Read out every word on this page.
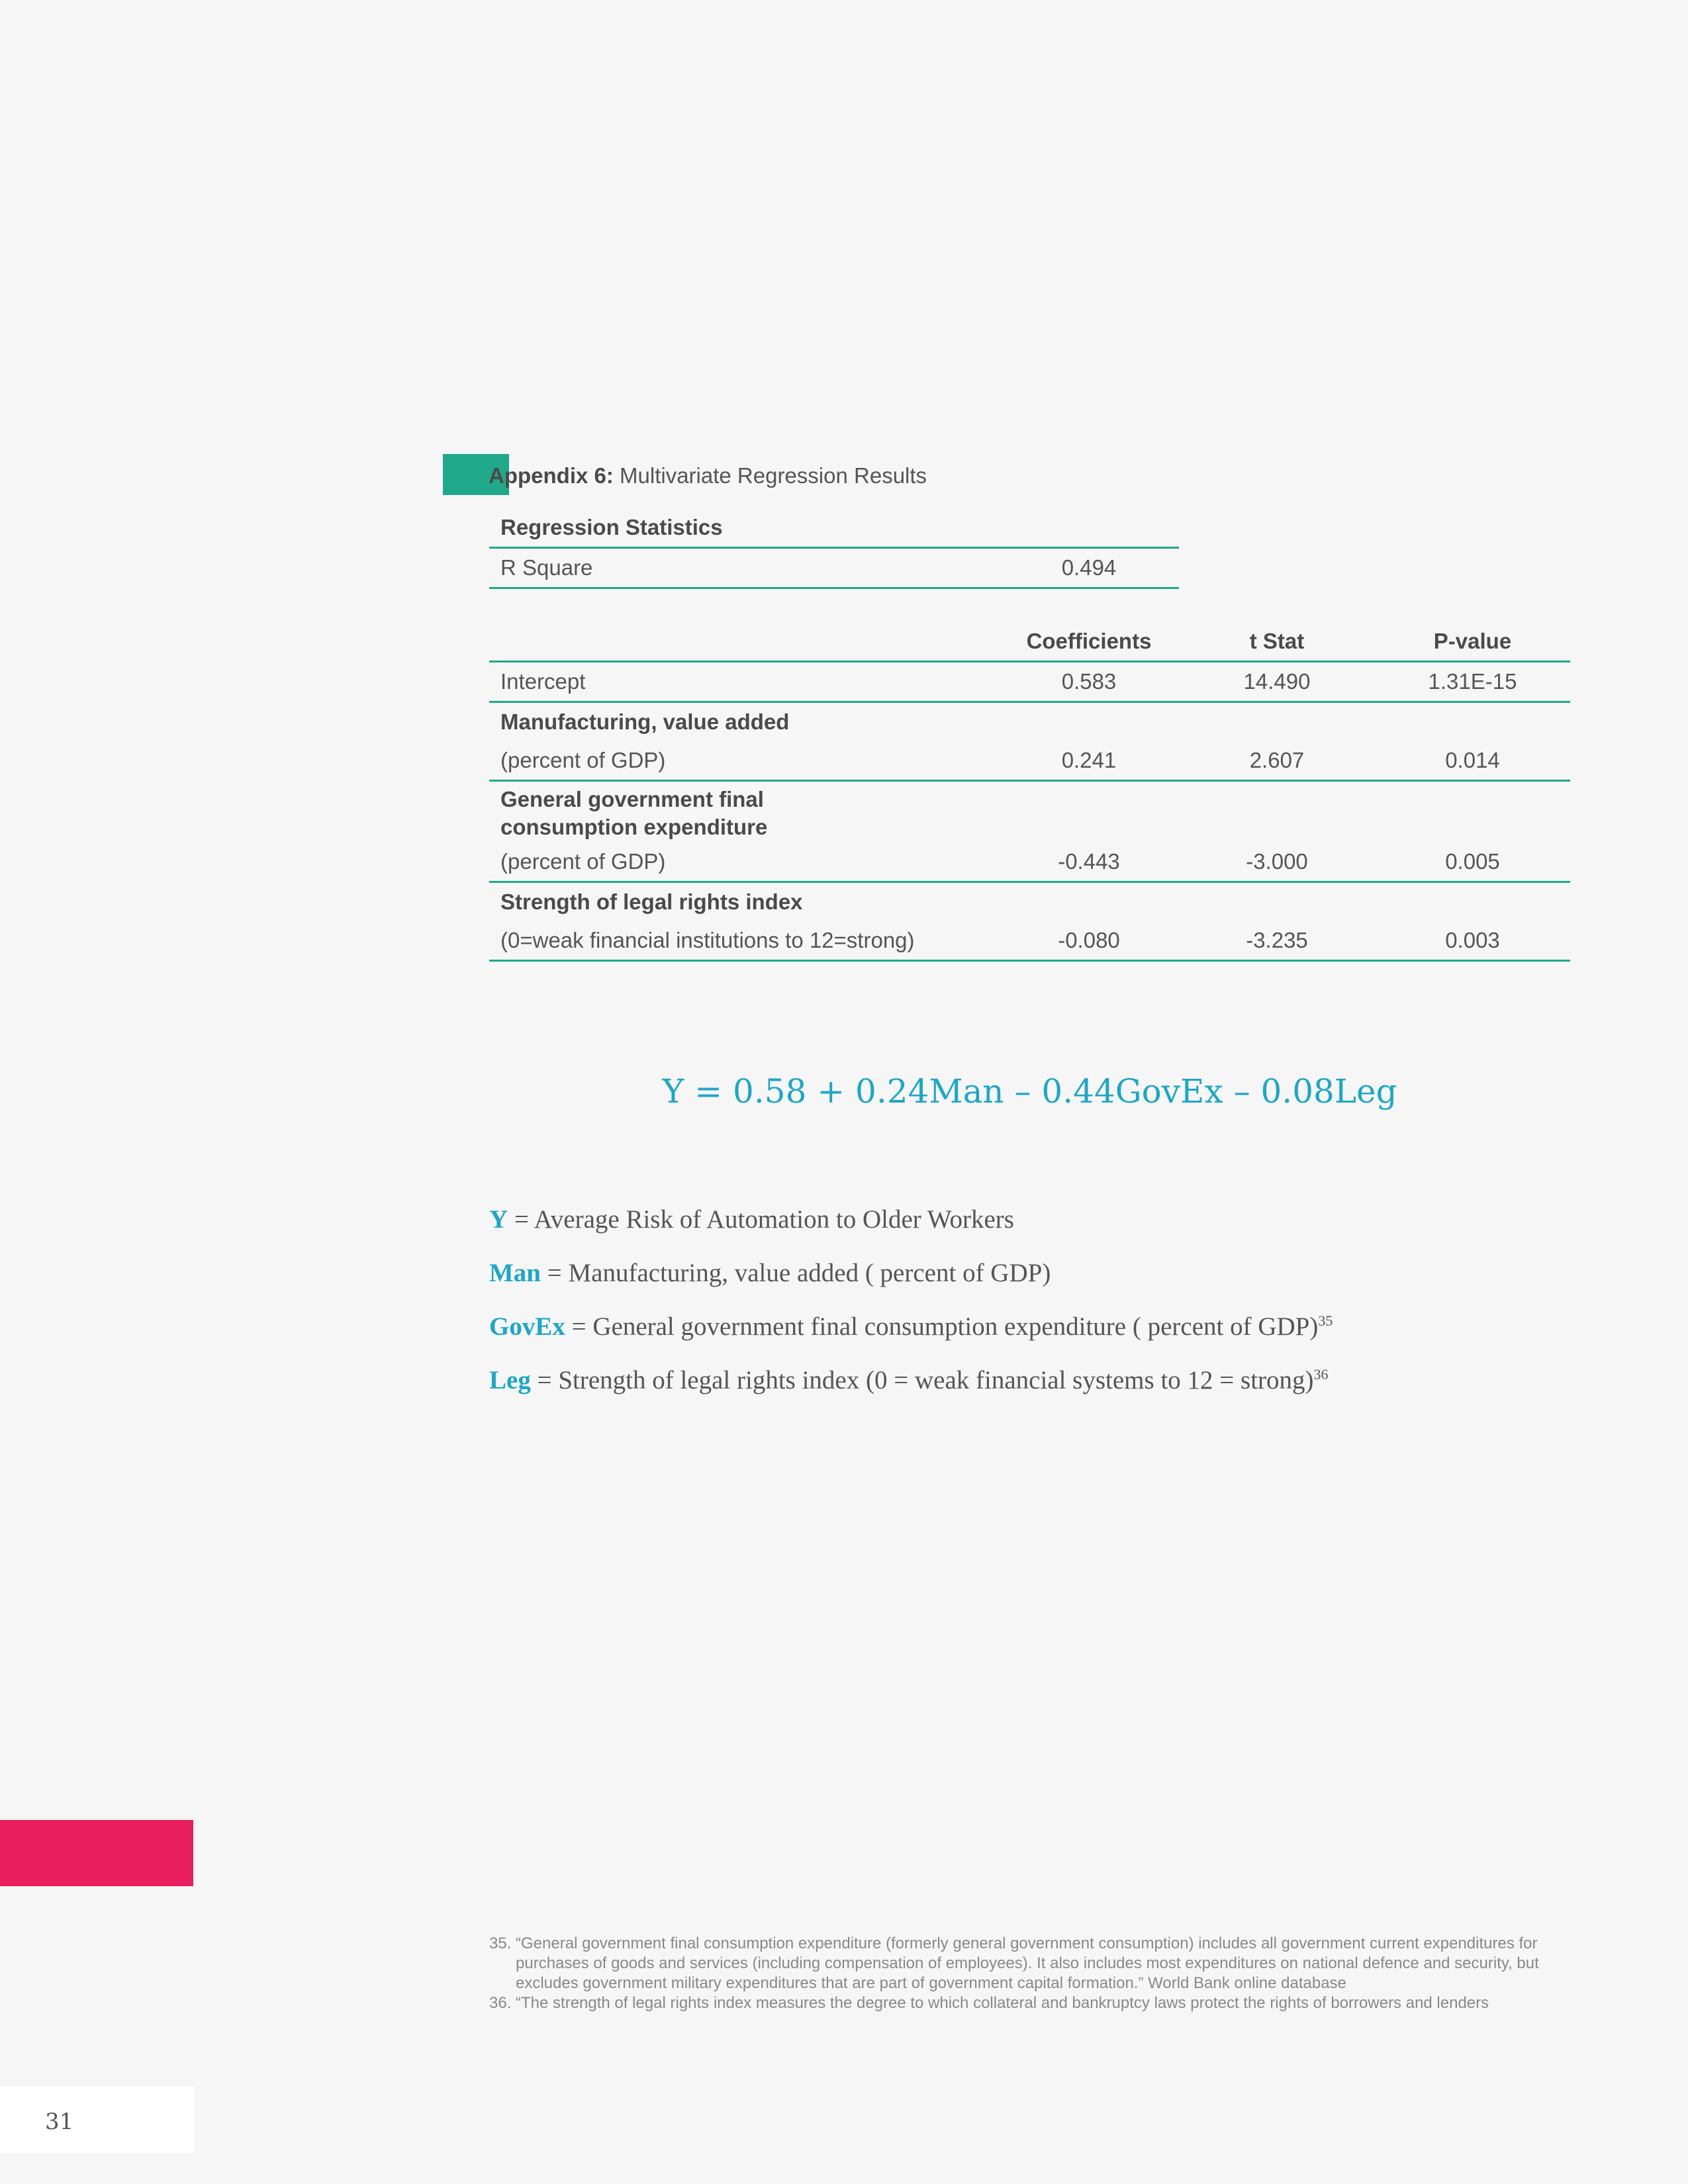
Appendix 6: Multivariate Regression Results
Regression Statistics	
R Square	0.494
	Coefficients	t Stat	P-value
Intercept	0.583	14.490	1.31E-15
Manufacturing, value added			
(percent of GDP)	0.241	2.607	0.014
General government final			
consumption expenditure			
(percent of GDP)	-0.443	-3.000	0.005
Strength of legal rights index			
(0=weak financial institutions to 12=strong)	-0.080	-3.235	0.003
Y = 0.58 + 0.24Man – 0.44GovEx – 0.08Leg
Y = Average Risk of Automation to Older Workers
Man = Manufacturing, value added ( percent of GDP)
GovEx = General government final consumption expenditure ( percent of GDP)$^{35}$
Leg = Strength of legal rights index (0 = weak financial systems to 12 = strong)$^{36}$
35. “General government final consumption expenditure (formerly general government consumption) includes all government current expenditures for purchases of goods and services (including compensation of employees). It also includes most expenditures on national defence and security, but excludes government military expenditures that are part of government capital formation.” World Bank online database
36. “The strength of legal rights index measures the degree to which collateral and bankruptcy laws protect the rights of borrowers and lenders
31
